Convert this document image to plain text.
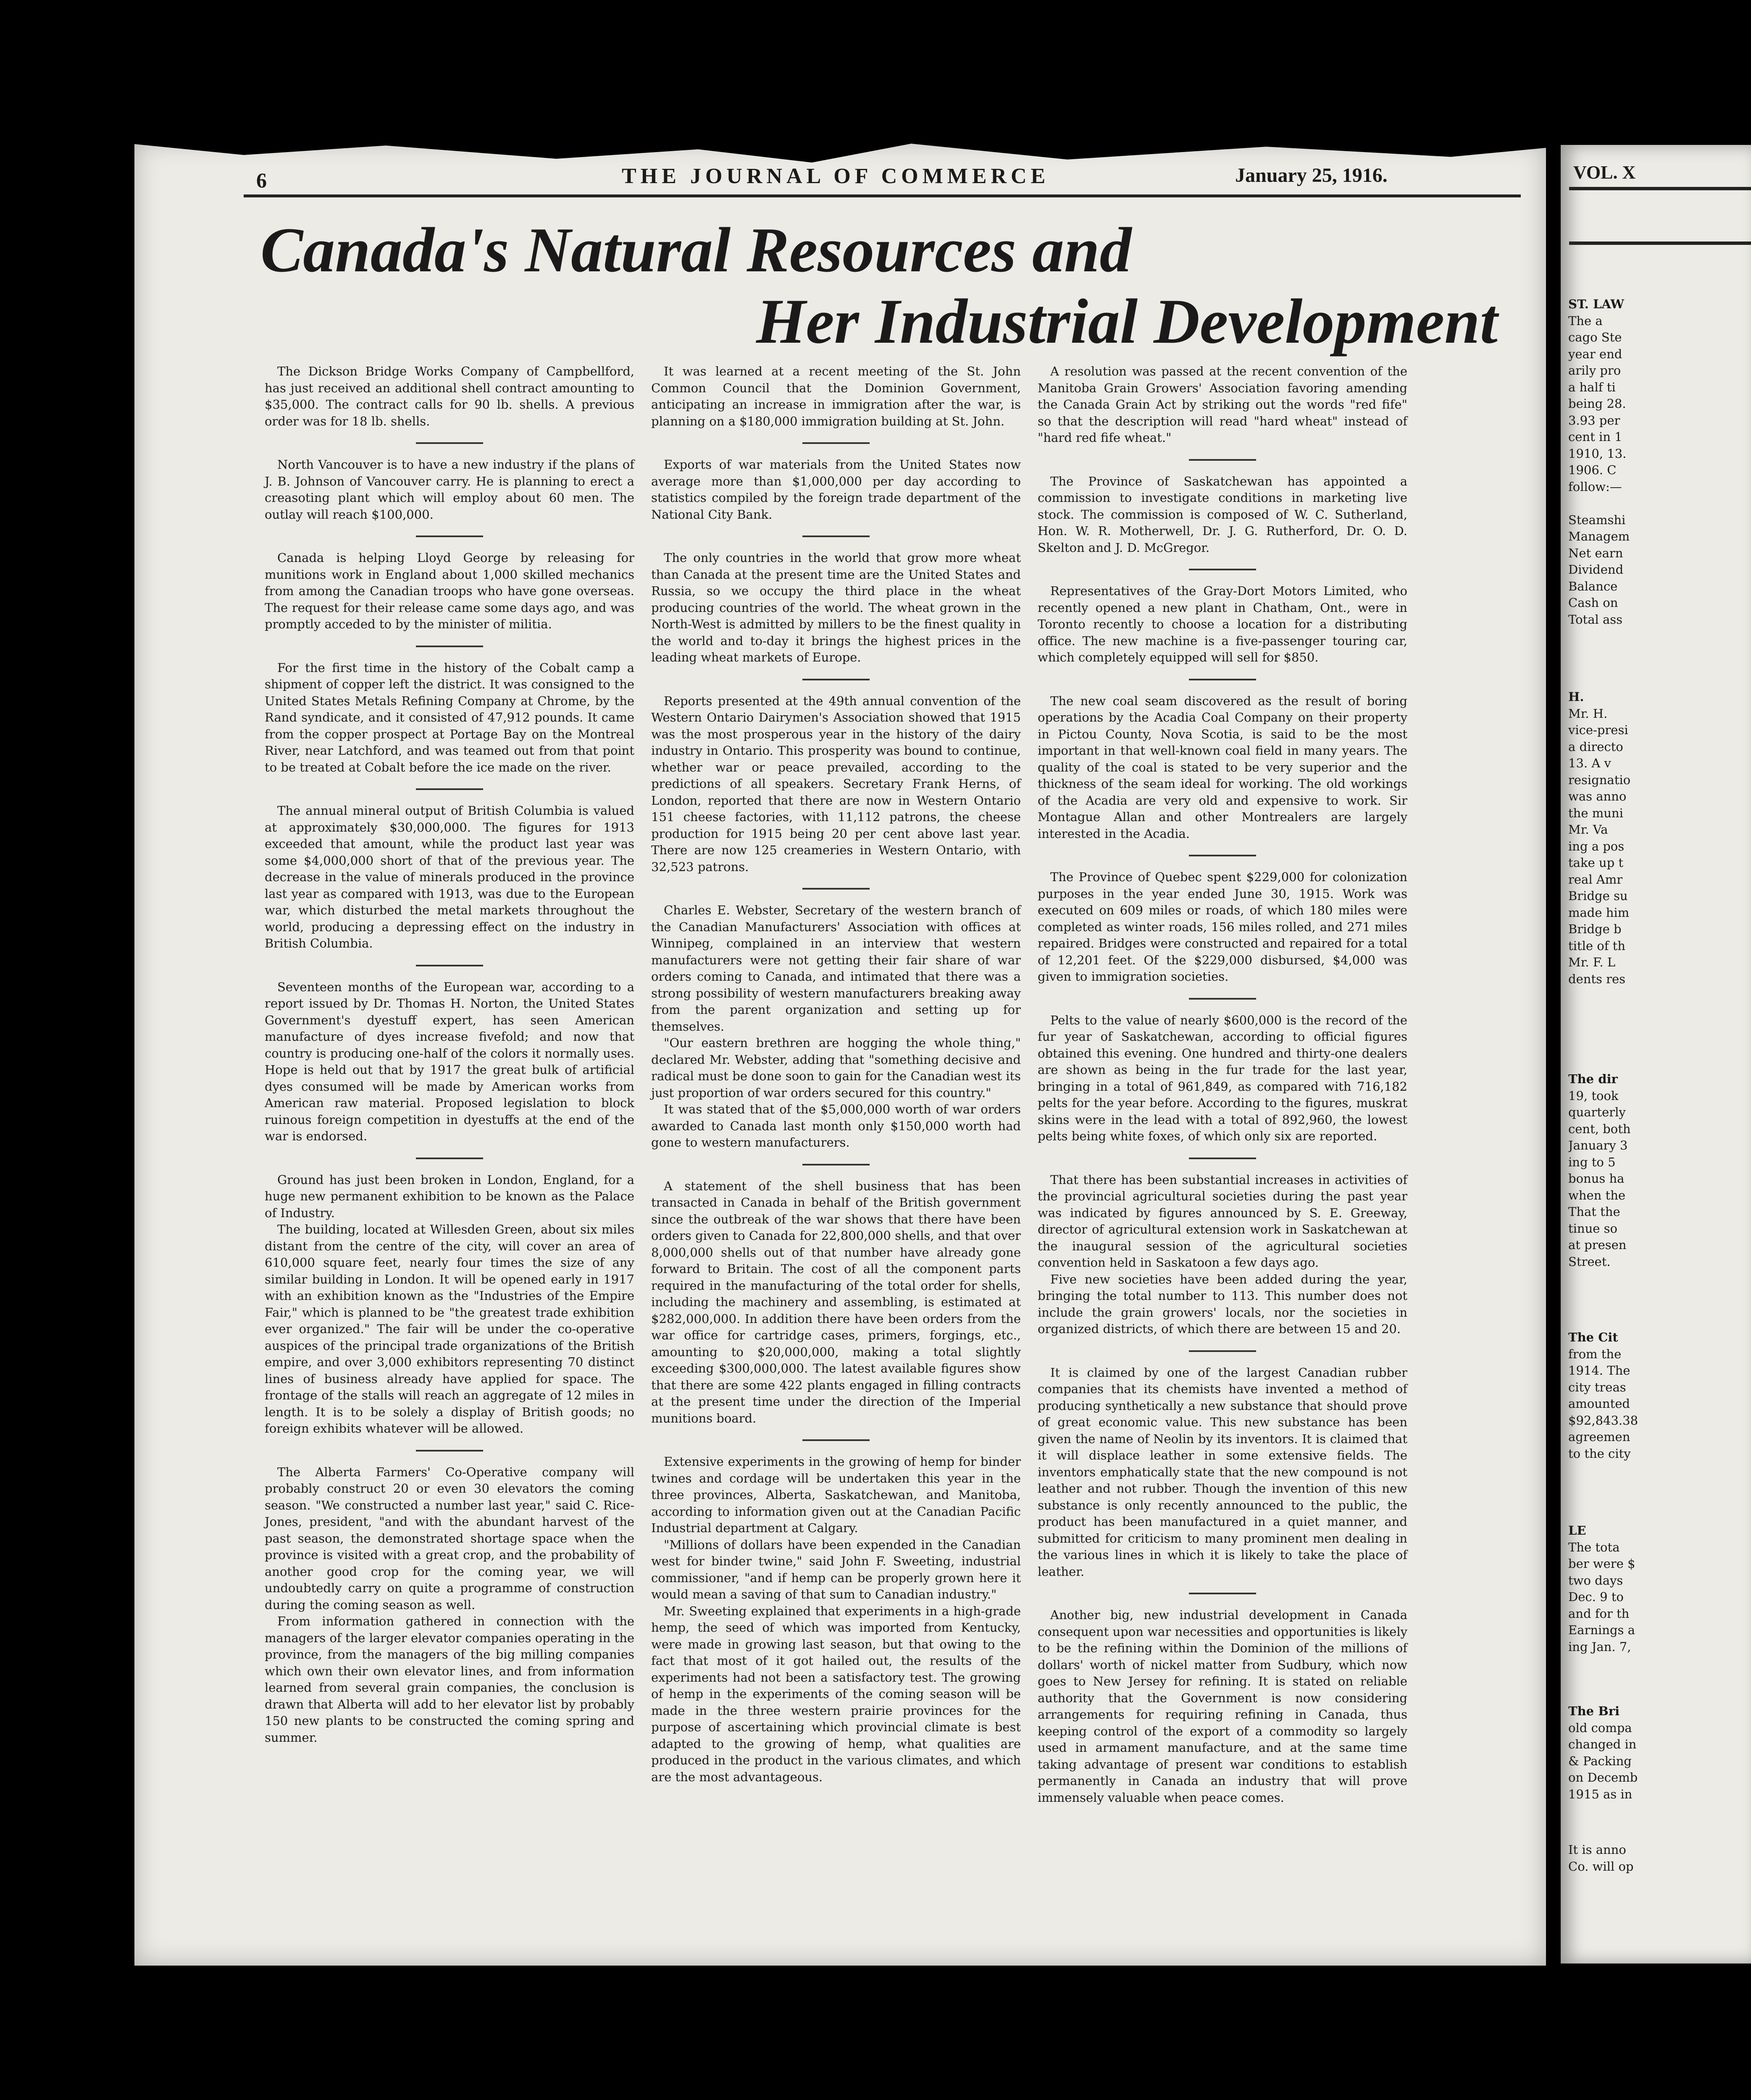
6	THE JOURNAL OF COMMERCE	January 25, 1916.
Canada's Natural Resources and
Her Industrial Development

The Dickson Bridge Works Company of Campbellford, has just received an additional shell contract amounting to $35,000. The contract calls for 90 lb. shells. A previous order was for 18 lb. shells.

North Vancouver is to have a new industry if the plans of J. B. Johnson of Vancouver carry. He is planning to erect a creasoting plant which will employ about 60 men. The outlay will reach $100,000.

Canada is helping Lloyd George by releasing for munitions work in England about 1,000 skilled mechanics from among the Canadian troops who have gone overseas. The request for their release came some days ago, and was promptly acceded to by the minister of militia.

For the first time in the history of the Cobalt camp a shipment of copper left the district. It was consigned to the United States Metals Refining Company at Chrome, by the Rand syndicate, and it consisted of 47,912 pounds. It came from the copper prospect at Portage Bay on the Montreal River, near Latchford, and was teamed out from that point to be treated at Cobalt before the ice made on the river.

The annual mineral output of British Columbia is valued at approximately $30,000,000. The figures for 1913 exceeded that amount, while the product last year was some $4,000,000 short of that of the previous year. The decrease in the value of minerals produced in the province last year as compared with 1913, was due to the European war, which disturbed the metal markets throughout the world, producing a depressing effect on the industry in British Columbia.

Seventeen months of the European war, according to a report issued by Dr. Thomas H. Norton, the United States Government's dyestuff expert, has seen American manufacture of dyes increase fivefold; and now that country is producing one-half of the colors it normally uses. Hope is held out that by 1917 the great bulk of artificial dyes consumed will be made by American works from American raw material. Proposed legislation to block ruinous foreign competition in dyestuffs at the end of the war is endorsed.

Ground has just been broken in London, England, for a huge new permanent exhibition to be known as the Palace of Industry.

The building, located at Willesden Green, about six miles distant from the centre of the city, will cover an area of 610,000 square feet, nearly four times the size of any similar building in London. It will be opened early in 1917 with an exhibition known as the "Industries of the Empire Fair," which is planned to be "the greatest trade exhibition ever organized." The fair will be under the co-operative auspices of the principal trade organizations of the British empire, and over 3,000 exhibitors representing 70 distinct lines of business already have applied for space. The frontage of the stalls will reach an aggregate of 12 miles in length. It is to be solely a display of British goods; no foreign exhibits whatever will be allowed.

The Alberta Farmers' Co-Operative company will probably construct 20 or even 30 elevators the coming season. "We constructed a number last year," said C. Rice-Jones, president, "and with the abundant harvest of the past season, the demonstrated shortage space when the province is visited with a great crop, and the probability of another good crop for the coming year, we will undoubtedly carry on quite a programme of construction during the coming season as well.

From information gathered in connection with the managers of the larger elevator companies operating in the province, from the managers of the big milling companies which own their own elevator lines, and from information learned from several grain companies, the conclusion is drawn that Alberta will add to her elevator list by probably 150 new plants to be constructed the coming spring and summer.

It was learned at a recent meeting of the St. John Common Council that the Dominion Government, anticipating an increase in immigration after the war, is planning on a $180,000 immigration building at St. John.

Exports of war materials from the United States now average more than $1,000,000 per day according to statistics compiled by the foreign trade department of the National City Bank.

The only countries in the world that grow more wheat than Canada at the present time are the United States and Russia, so we occupy the third place in the wheat producing countries of the world. The wheat grown in the North-West is admitted by millers to be the finest quality in the world and to-day it brings the highest prices in the leading wheat markets of Europe.

Reports presented at the 49th annual convention of the Western Ontario Dairymen's Association showed that 1915 was the most prosperous year in the history of the dairy industry in Ontario. This prosperity was bound to continue, whether war or peace prevailed, according to the predictions of all speakers. Secretary Frank Herns, of London, reported that there are now in Western Ontario 151 cheese factories, with 11,112 patrons, the cheese production for 1915 being 20 per cent above last year. There are now 125 creameries in Western Ontario, with 32,523 patrons.

Charles E. Webster, Secretary of the western branch of the Canadian Manufacturers' Association with offices at Winnipeg, complained in an interview that western manufacturers were not getting their fair share of war orders coming to Canada, and intimated that there was a strong possibility of western manufacturers breaking away from the parent organization and setting up for themselves.

"Our eastern brethren are hogging the whole thing," declared Mr. Webster, adding that "something decisive and radical must be done soon to gain for the Canadian west its just proportion of war orders secured for this country."

It was stated that of the $5,000,000 worth of war orders awarded to Canada last month only $150,000 worth had gone to western manufacturers.

A statement of the shell business that has been transacted in Canada in behalf of the British government since the outbreak of the war shows that there have been orders given to Canada for 22,800,000 shells, and that over 8,000,000 shells out of that number have already gone forward to Britain. The cost of all the component parts required in the manufacturing of the total order for shells, including the machinery and assembling, is estimated at $282,000,000. In addition there have been orders from the war office for cartridge cases, primers, forgings, etc., amounting to $20,000,000, making a total slightly exceeding $300,000,000. The latest available figures show that there are some 422 plants engaged in filling contracts at the present time under the direction of the Imperial munitions board.

Extensive experiments in the growing of hemp for binder twines and cordage will be undertaken this year in the three provinces, Alberta, Saskatchewan, and Manitoba, according to information given out at the Canadian Pacific Industrial department at Calgary.

"Millions of dollars have been expended in the Canadian west for binder twine," said John F. Sweeting, industrial commissioner, "and if hemp can be properly grown here it would mean a saving of that sum to Canadian industry."

Mr. Sweeting explained that experiments in a high-grade hemp, the seed of which was imported from Kentucky, were made in growing last season, but that owing to the fact that most of it got hailed out, the results of the experiments had not been a satisfactory test. The growing of hemp in the experiments of the coming season will be made in the three western prairie provinces for the purpose of ascertaining which provincial climate is best adapted to the growing of hemp, what qualities are produced in the product in the various climates, and which are the most advantageous.

A resolution was passed at the recent convention of the Manitoba Grain Growers' Association favoring amending the Canada Grain Act by striking out the words "red fife" so that the description will read "hard wheat" instead of "hard red fife wheat."

The Province of Saskatchewan has appointed a commission to investigate conditions in marketing live stock. The commission is composed of W. C. Sutherland, Hon. W. R. Motherwell, Dr. J. G. Rutherford, Dr. O. D. Skelton and J. D. McGregor.

Representatives of the Gray-Dort Motors Limited, who recently opened a new plant in Chatham, Ont., were in Toronto recently to choose a location for a distributing office. The new machine is a five-passenger touring car, which completely equipped will sell for $850.

The new coal seam discovered as the result of boring operations by the Acadia Coal Company on their property in Pictou County, Nova Scotia, is said to be the most important in that well-known coal field in many years. The quality of the coal is stated to be very superior and the thickness of the seam ideal for working. The old workings of the Acadia are very old and expensive to work. Sir Montague Allan and other Montrealers are largely interested in the Acadia.

The Province of Quebec spent $229,000 for colonization purposes in the year ended June 30, 1915. Work was executed on 609 miles or roads, of which 180 miles were completed as winter roads, 156 miles rolled, and 271 miles repaired. Bridges were constructed and repaired for a total of 12,201 feet. Of the $229,000 disbursed, $4,000 was given to immigration societies.

Pelts to the value of nearly $600,000 is the record of the fur year of Saskatchewan, according to official figures obtained this evening. One hundred and thirty-one dealers are shown as being in the fur trade for the last year, bringing in a total of 961,849, as compared with 716,182 pelts for the year before. According to the figures, muskrat skins were in the lead with a total of 892,960, the lowest pelts being white foxes, of which only six are reported.

That there has been substantial increases in activities of the provincial agricultural societies during the past year was indicated by figures announced by S. E. Greeway, director of agricultural extension work in Saskatchewan at the inaugural session of the agricultural societies convention held in Saskatoon a few days ago.

Five new societies have been added during the year, bringing the total number to 113. This number does not include the grain growers' locals, nor the societies in organized districts, of which there are between 15 and 20.

It is claimed by one of the largest Canadian rubber companies that its chemists have invented a method of producing synthetically a new substance that should prove of great economic value. This new substance has been given the name of Neolin by its inventors. It is claimed that it will displace leather in some extensive fields. The inventors emphatically state that the new compound is not leather and not rubber. Though the invention of this new substance is only recently announced to the public, the product has been manufactured in a quiet manner, and submitted for criticism to many prominent men dealing in the various lines in which it is likely to take the place of leather.

Another big, new industrial development in Canada consequent upon war necessities and opportunities is likely to be the refining within the Dominion of the millions of dollars' worth of nickel matter from Sudbury, which now goes to New Jersey for refining. It is stated on reliable authority that the Government is now considering arrangements for requiring refining in Canada, thus keeping control of the export of a commodity so largely used in armament manufacture, and at the same time taking advantage of present war conditions to establish permanently in Canada an industry that will prove immensely valuable when peace comes.

VOL. X
ST. LAW
The a
cago Ste
year end
arily pro
a half ti
being 28.
3.93 per
cent in 1
1910, 13.
1906. C
follow:—
Steamshi
Managem
Net earn
Dividend
Balance
Cash on
Total ass
H.
Mr. H.
vice-presi
a directo
13. A v
resignatio
was anno
the muni
Mr. Va
ing a pos
take up t
real Amr
Bridge su
made him
Bridge b
title of th
Mr. F. L
dents res
The dir
19, took
quarterly
cent, both
January 3
ing to 5
bonus ha
when the
That the
tinue so
at presen
Street.
The Cit
from the
1914. The
city treas
amounted
$92,843.38
agreemen
to the city
LE
The tota
ber were $
two days
Dec. 9 to
and for th
Earnings a
ing Jan. 7,
The Bri
old compa
changed in
& Packing
on Decemb
1915 as in
It is anno
Co. will op
